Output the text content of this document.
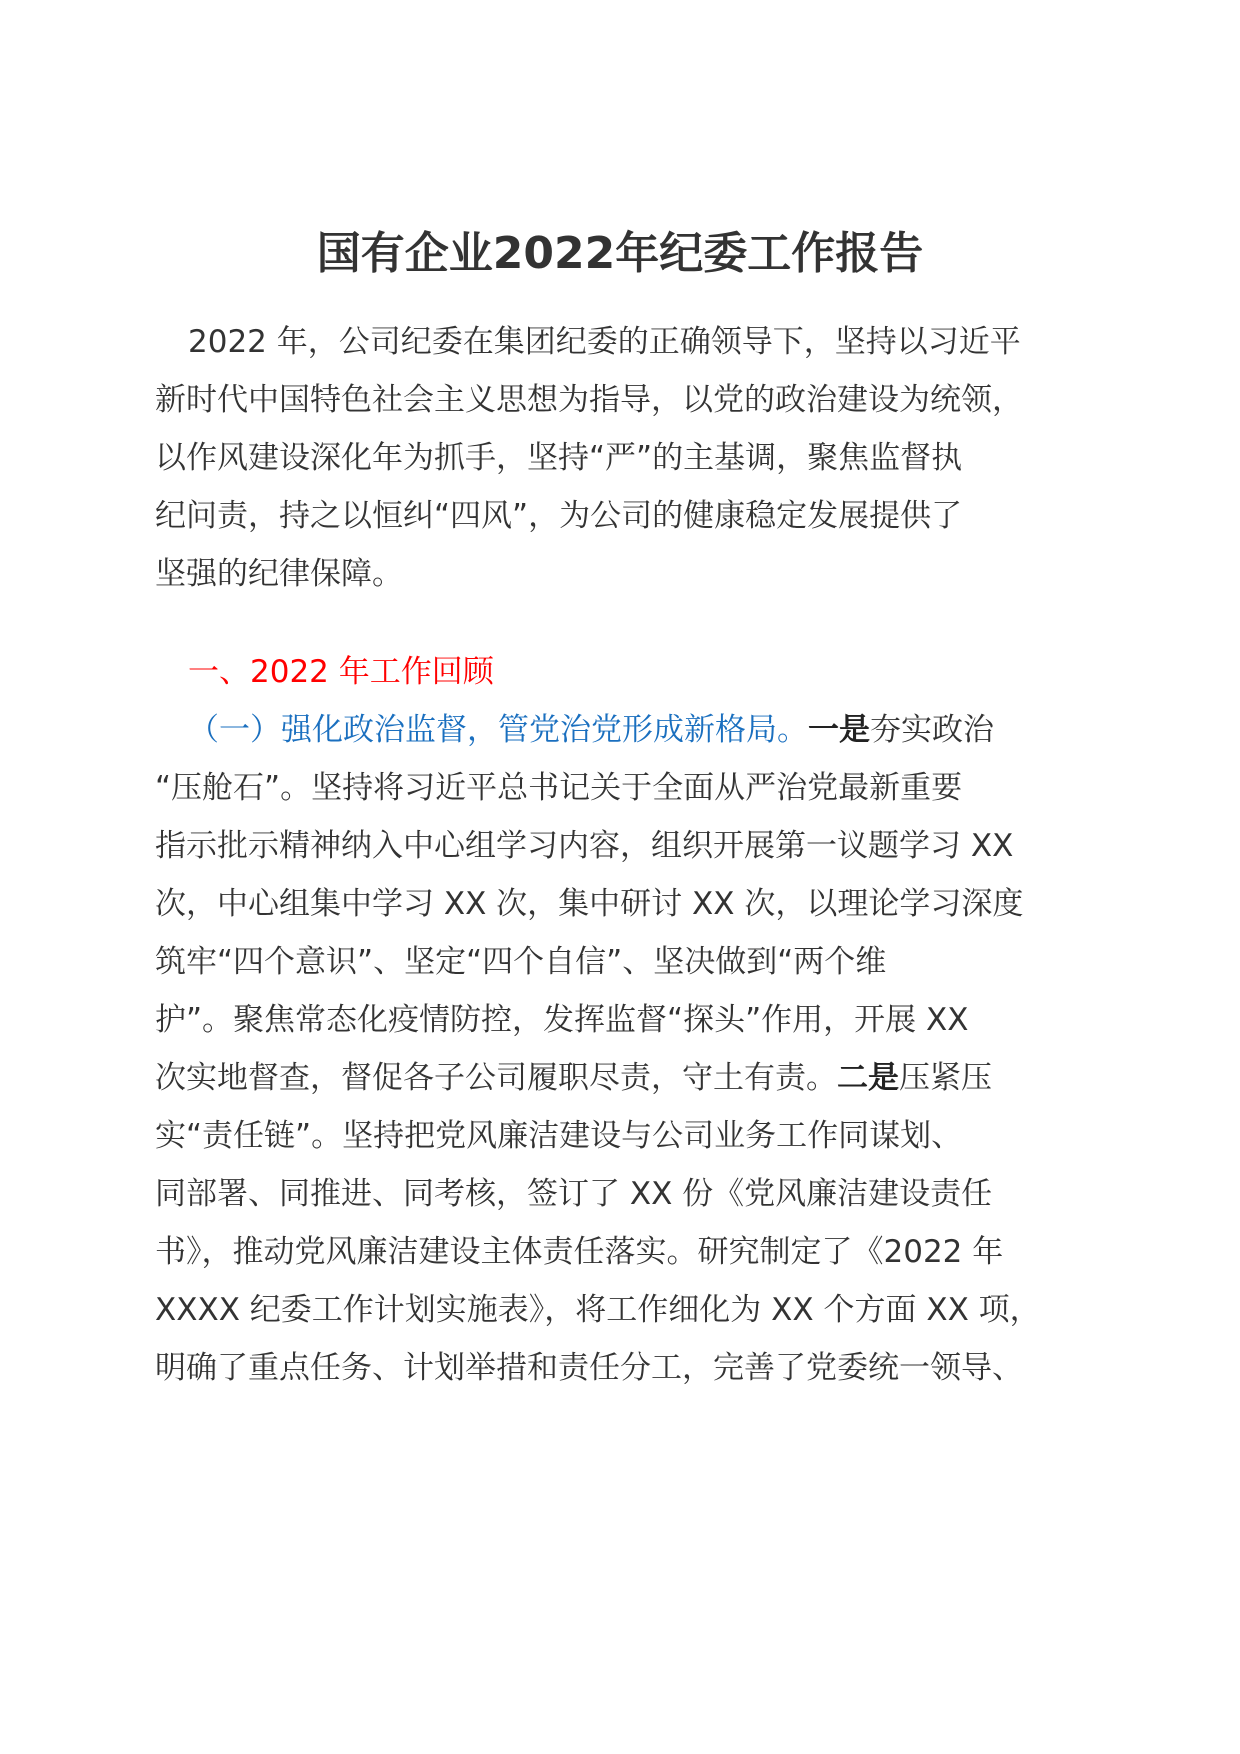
国有企业2022年纪委工作报告
2022 年，公司纪委在集团纪委的正确领导下，坚持以习近平
新时代中国特色社会主义思想为指导，以党的政治建设为统领，
以作风建设深化年为抓手，坚持“严”的主基调，聚焦监督执
纪问责，持之以恒纠“四风”，为公司的健康稳定发展提供了
坚强的纪律保障。
一、2022 年工作回顾
（一）强化政治监督，管党治党形成新格局。一是夯实政治
“压舱石”。坚持将习近平总书记关于全面从严治党最新重要
指示批示精神纳入中心组学习内容，组织开展第一议题学习 XX
次，中心组集中学习 XX 次，集中研讨 XX 次，以理论学习深度
筑牢“四个意识”、坚定“四个自信”、坚决做到“两个维
护”。聚焦常态化疫情防控，发挥监督“探头”作用，开展 XX
次实地督查，督促各子公司履职尽责，守土有责。二是压紧压
实“责任链”。坚持把党风廉洁建设与公司业务工作同谋划、
同部署、同推进、同考核，签订了 XX 份《党风廉洁建设责任
书》，推动党风廉洁建设主体责任落实。研究制定了《2022 年
XXXX 纪委工作计划实施表》，将工作细化为 XX 个方面 XX 项，
明确了重点任务、计划举措和责任分工，完善了党委统一领导、
